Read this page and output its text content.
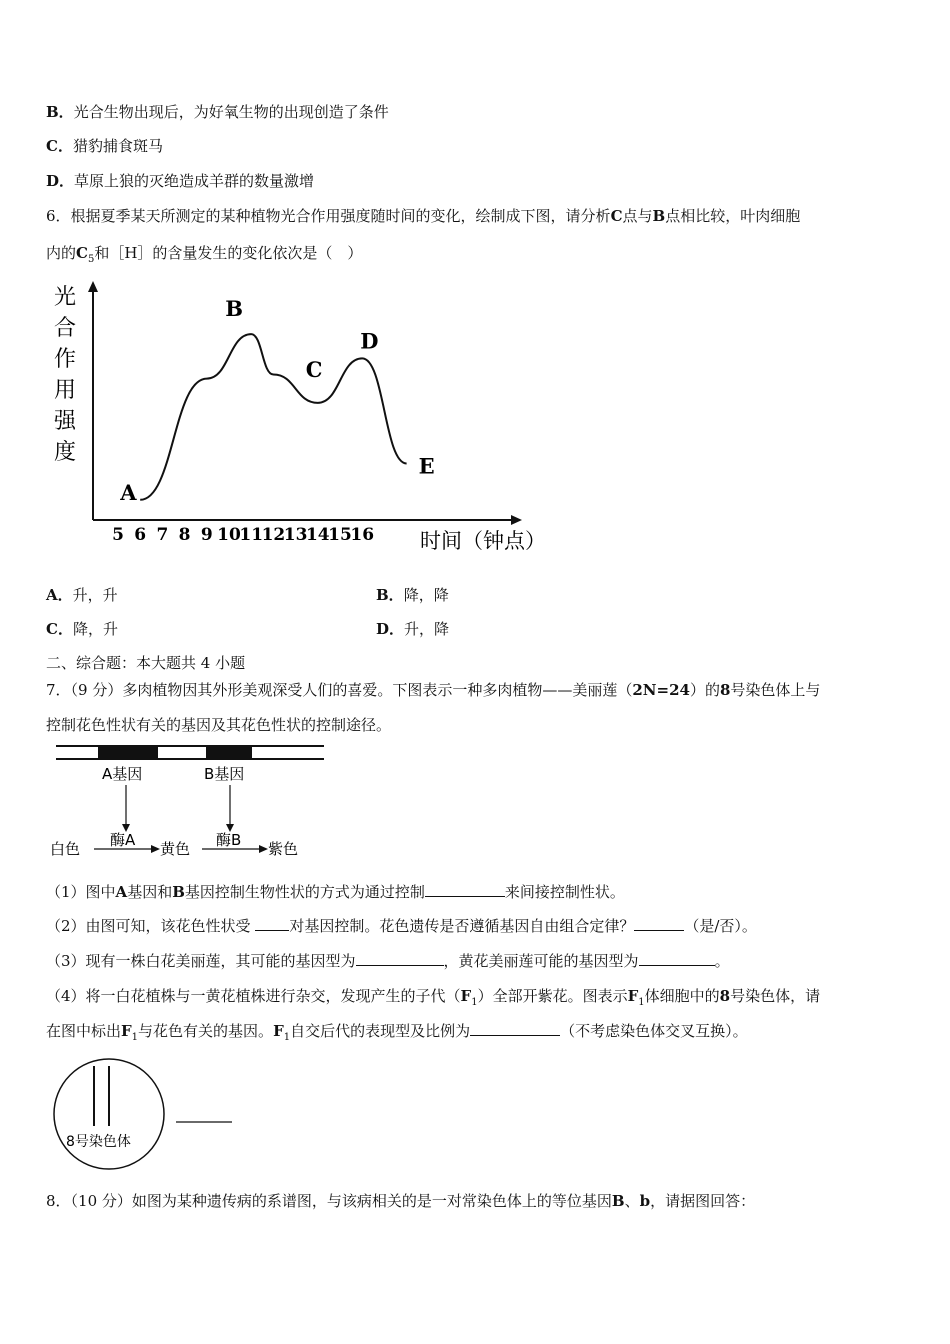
B．光合生物出现后，为好氧生物的出现创造了条件
C．猎豹捕食斑马
D．草原上狼的灭绝造成羊群的数量激增
6．根据夏季某天所测定的某种植物光合作用强度随时间的变化，绘制成下图，请分析C点与B点相比较，叶肉细胞
内的$C_5$和［H］的含量发生的变化依次是（　）
光
合
作
用
强
度
5 6 7 8 9 10
11
12
13
14
15
16
A
B
C
D
E
时间（钟点）
A．升，升	B．降，降
C．降，升	D．升，降
二、综合题：本大题共 4 小题
7．（9 分）多肉植物因其外形美观深受人们的喜爱。下图表示一种多肉植物——美丽莲（2N=24）的8号染色体上与
控制花色性状有关的基因及其花色性状的控制途径。
A基因	B基因
白色 酶A 黄色 酶B 紫色
（1）图中A基因和B基因控制生物性状的方式为通过控制	来间接控制性状。
（2）由图可知，该花色性状受 对基因控制。花色遗传是否遵循基因自由组合定律？	（是/否）。
（3）现有一株白花美丽莲，其可能的基因型为	，黄花美丽莲可能的基因型为	。
（4）将一白花植株与一黄花植株进行杂交，发现产生的子代$(F_1)$全部开紫花。图表示$F_1$体细胞中的8号染色体，请
在图中标出$F_1$与花色有关的基因。$F_1$自交后代的表现型及比例为	（不考虑染色体交叉互换）。
8号染色体
8．（10 分）如图为某种遗传病的系谱图，与该病相关的是一对常染色体上的等位基因B、b，请据图回答：
